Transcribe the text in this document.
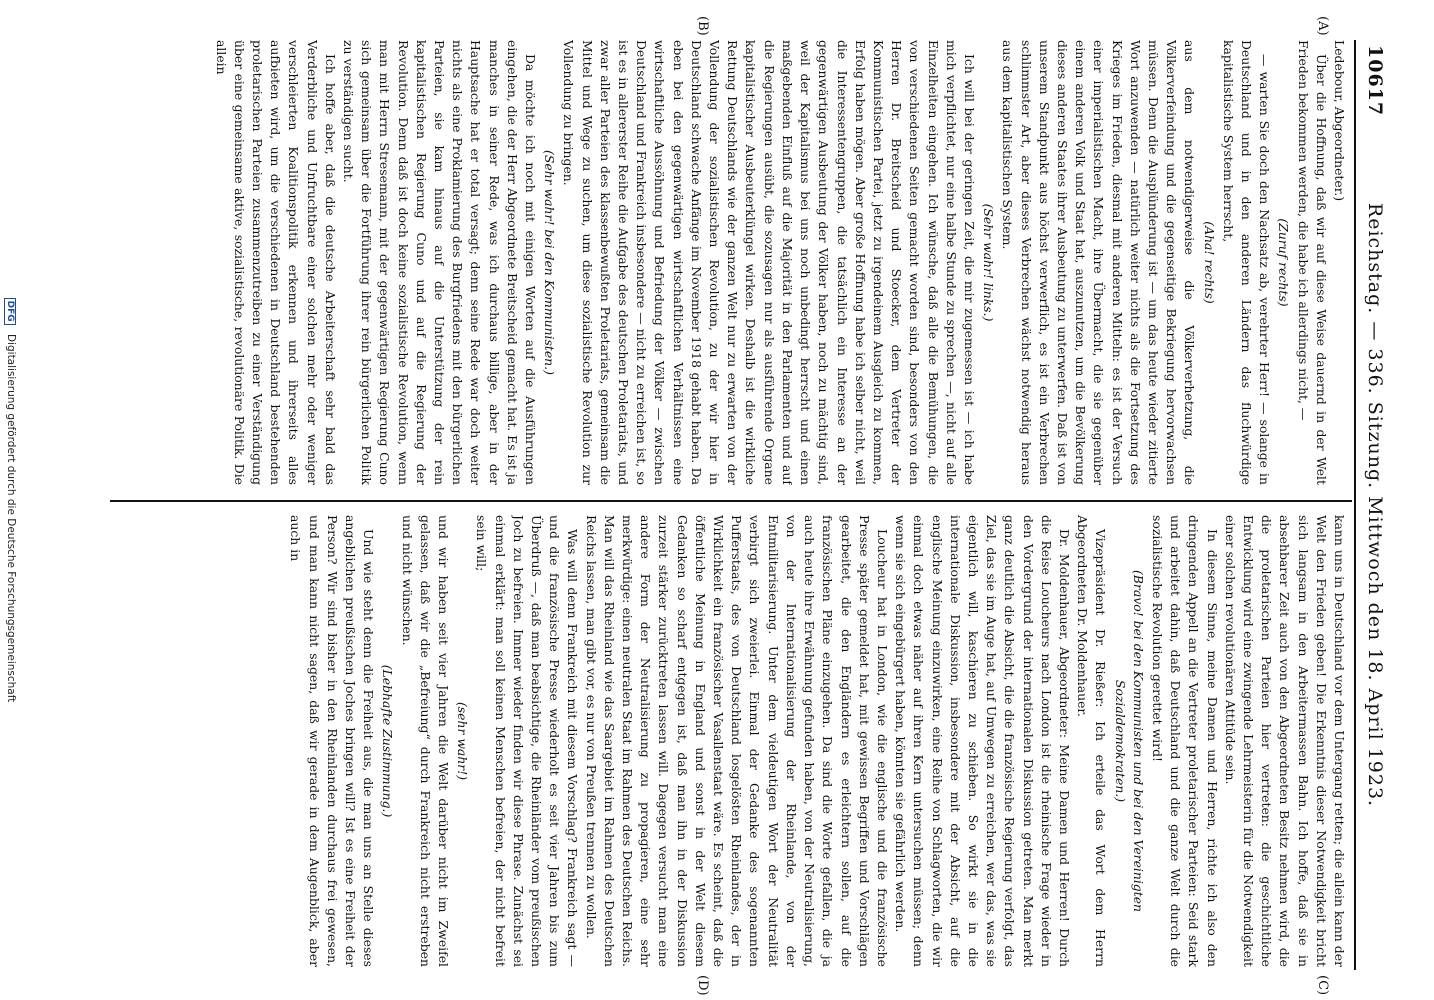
10617
Reichstag. — 336. Sitzung. Mittwoch den 18. April 1923.
(A)
(B)
(C)
(D)

Ledebour, Abgeordneter.)

Über die Hoffnung, daß wir auf diese Weise dauernd in der Welt Frieden bekommen werden, die habe ich allerdings nicht, —

(Zuruf rechts)

— warten Sie doch den Nachsatz ab, verehrter Herr! — solange in Deutschland und in den anderen Ländern das fluchwürdige kapitalistische System herrscht,

(Aha! rechts)

aus dem notwendigerweise die Völkerverhetzung, die Völkerverfeindung und die gegenseitige Bekriegung hervorwachsen müssen. Denn die Ausplünderung ist — um das heute wieder zitierte Wort anzuwenden — natürlich weiter nichts als die Fortsetzung des Krieges im Frieden, diesmal mit anderen Mitteln: es ist der Versuch einer imperialistischen Macht, ihre Übermacht, die sie gegenüber einem anderen Volk und Staat hat, auszunutzen, um die Bevölkerung dieses anderen Staates ihrer Ausbeutung zu unterwerfen. Daß ist von unserem Standpunkt aus höchst verwerflich, es ist ein Verbrechen schlimmster Art, aber dieses Verbrechen wächst notwendig heraus aus dem kapitalistischen System.

(Sehr wahr! links.)

Ich will bei der geringen Zeit, die mir zugemessen ist — ich habe mich verpflichtet, nur eine halbe Stunde zu sprechen —, nicht auf alle Einzelheiten eingehen. Ich wünsche, daß alle die Bemühungen, die von verschiedenen Seiten gemacht worden sind, besonders von den Herren Dr. Breitscheid und Stoecker, dem Vertreter der Kommunistischen Partei, jetzt zu irgendeinem Ausgleich zu kommen, Erfolg haben mögen. Aber große Hoffnung habe ich selber nicht, weil die Interessentengruppen, die tatsächlich ein Interesse an der gegenwärtigen Ausbeutung der Völker haben, noch zu mächtig sind, weil der Kapitalismus bei uns noch unbedingt herrscht und einen maßgebenden Einfluß auf die Majorität in den Parlamenten und auf die Regierungen ausübt, die sozusagen nur als ausführende Organe kapitalistischer Ausbeuterklüngel wirken. Deshalb ist die wirkliche Rettung Deutschlands wie der ganzen Welt nur zu erwarten von der Vollendung der sozialistischen Revolution, zu der wir hier in Deutschland schwache Anfänge im November 1918 gehabt haben. Da eben bei den gegenwärtigen wirtschaftlichen Verhältnissen eine wirtschaftliche Aussöhnung und Befriedung der Völker — zwischen Deutschland und Frankreich insbesondere — nicht zu erreichen ist, so ist es in allererster Reihe die Aufgabe des deutschen Proletariats, und zwar aller Parteien des klassenbewußten Proletariats, gemeinsam die Mittel und Wege zu suchen, um diese sozialistische Revolution zur Vollendung zu bringen.

(Sehr wahr! bei den Kommunisten.)

Da möchte ich noch mit einigen Worten auf die Ausführungen eingehen, die der Herr Abgeordnete Breitscheid gemacht hat. Es ist ja manches in seiner Rede, was ich durchaus billige, aber in der Hauptsache hat er total versagt; denn seine Rede war doch weiter nichts als eine Proklamierung des Burgfriedens mit den bürgerlichen Parteien, sie kam hinaus auf die Unterstützung der rein kapitalistischen Regierung Cuno und auf die Regierung der Revolution. Denn daß ist doch keine sozialistische Revolution, wenn man mit Herrn Stresemann, mit der gegenwärtigen Regierung Cuno sich gemeinsam über die Fortführung ihrer rein bürgerlichen Politik zu verständigen sucht.

Ich hoffe aber, daß die deutsche Arbeiterschaft sehr bald das Verderbliche und Unfruchtbare einer solchen mehr oder weniger verschleierten Koalitionspolitik erkennen und ihrerseits alles aufbieten wird, um die verschiedenen in Deutschland bestehenden proletarischen Parteien zusammenzutreiben zu einer Verständigung über eine gemeinsame aktive, sozialistische, revolutionäre Politik. Die allein

kann uns in Deutschland vor dem Untergang retten; die allein kann der Welt den Frieden geben! Die Erkenntnis dieser Notwendigkeit bricht sich langsam in den Arbeitermassen Bahn. Ich hoffe, daß sie in absehbarer Zeit auch von den Abgeordneten Besitz nehmen wird, die die proletarischen Parteien hier vertreten: die geschichtliche Entwicklung wird eine zwingende Lehrmeisterin für die Notwendigkeit einer solchen revolutionären Attitüde sein.

In diesem Sinne, meine Damen und Herren, richte ich also den dringenden Appell an die Vertreter proletarischer Parteien: Seid stark und arbeitet dahin, daß Deutschland und die ganze Welt durch die sozialistische Revolution gerettet wird!

(Bravo! bei den Kommunisten und bei den Vereinigten Sozialdemokraten.)

Vizepräsident Dr. Rießer: Ich erteile das Wort dem Herrn Abgeordneten Dr. Moldenhauer.

Dr. Moldenhauer, Abgeordneter: Meine Damen und Herren! Durch die Reise Loucheurs nach London ist die rheinische Frage wieder in den Vordergrund der internationalen Diskussion getreten. Man merkt ganz deutlich die Absicht, die die französische Regierung verfolgt, das Ziel, das sie im Auge hat, auf Umwegen zu erreichen, wer das, was sie eigentlich will, kaschieren zu schieben. So wirkt sie in die internationale Diskussion, insbesondere mit der Absicht, auf die englische Meinung einzuwirken, eine Reihe von Schlagworten, die wir einmal doch etwas näher auf ihren Kern untersuchen müssen; denn wenn sie sich eingebürgert haben, könnten sie gefährlich werden.

Loucheur hat in London, wie die englische und die französische Presse später gemeldet hat, mit gewissen Begriffen und Vorschlägen gearbeitet, die den Engländern es erleichtern sollen, auf die französischen Pläne einzugehen. Da sind die Worte gefallen, die ja auch heute ihre Erwähnung gefunden haben, von der Neutralisierung, von der Internationalisierung der Rheinlande, von der Entmilitarisierung. Unter dem vieldeutigen Wort der Neutralität verbirgt sich zweierlei. Einmal der Gedanke des sogenannten Pufferstaats, des von Deutschland losgelösten Rheinlandes, der in Wirklichkeit ein französischer Vasallenstaat wäre. Es scheint, daß die öffentliche Meinung in England und sonst in der Welt diesem Gedanken so scharf entgegen ist, daß man ihn in der Diskussion zurzeit stärker zurücktreten lassen will. Dagegen versucht man eine andere Form der Neutralisierung zu propagieren, eine sehr merkwürdige: einen neutralen Staat im Rahmen des Deutschen Reichs. Man will das Rheinland wie das Saargebiet im Rahmen des Deutschen Reichs lassen, man gibt vor, es nur von Preußen trennen zu wollen.

Was will denn Frankreich mit diesem Vorschlag? Frankreich sagt — und die französische Presse wiederholt es seit vier Jahren bis zum Überdruß —, daß man beabsichtige, die Rheinländer vom preußischen Joch zu befreien. Immer wieder finden wir diese Phrase. Zunächst sei einmal erklärt: man soll keinen Menschen befreien, der nicht befreit sein will;

(sehr wahr!)

und wir haben seit vier Jahren die Welt darüber nicht im Zweifel gelassen, daß wir die „Befreiung“ durch Frankreich nicht erstreben und nicht wünschen.

(Lebhafte Zustimmung.)

Und wie steht denn die Freiheit aus, die man uns an Stelle dieses angeblichen preußischen Joches bringen will? Ist es eine Freiheit der Person? Wir sind bisher in den Rheinlanden durchaus frei gewesen, und man kann nicht sagen, daß wir gerade in dem Augenblick, aber auch in

DFG Digitalisierung gefördert durch die Deutsche Forschungsgemeinschaft
